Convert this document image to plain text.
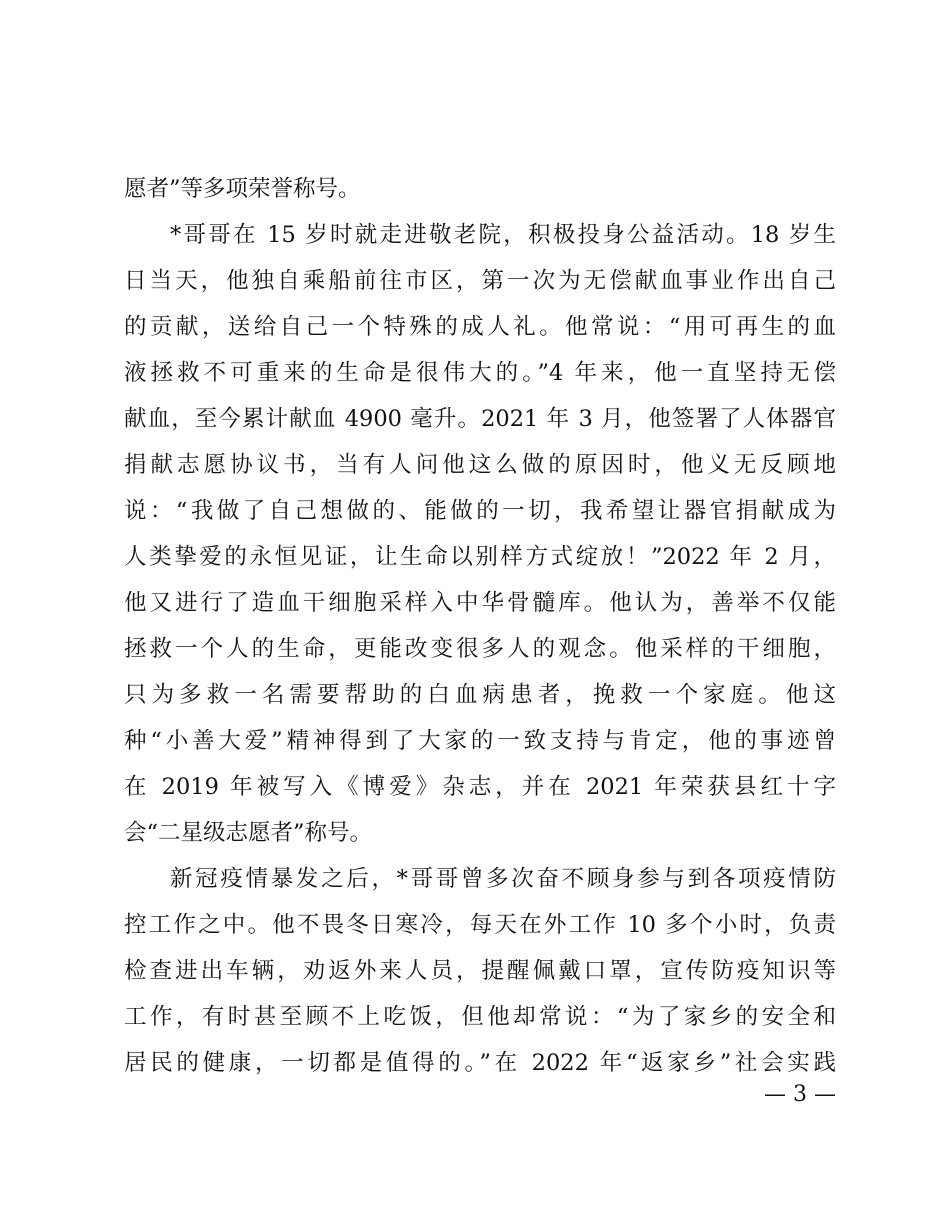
愿者”等多项荣誉称号。
*哥哥在 15 岁时就走进敬老院，积极投身公益活动。18 岁生
日当天，他独自乘船前往市区，第一次为无偿献血事业作出自己
的贡献，送给自己一个特殊的成人礼。他常说：“用可再生的血
液拯救不可重来的生命是很伟大的。”4 年来，他一直坚持无偿
献血，至今累计献血 4900 毫升。2021 年 3 月，他签署了人体器官
捐献志愿协议书，当有人问他这么做的原因时，他义无反顾地
说：“我做了自己想做的、能做的一切，我希望让器官捐献成为
人类挚爱的永恒见证，让生命以别样方式绽放！”2022 年 2 月，
他又进行了造血干细胞采样入中华骨髓库。他认为，善举不仅能
拯救一个人的生命，更能改变很多人的观念。他采样的干细胞，
只为多救一名需要帮助的白血病患者，挽救一个家庭。他这
种“小善大爱”精神得到了大家的一致支持与肯定，他的事迹曾
在 2019 年被写入《博爱》杂志，并在 2021 年荣获县红十字
会“二星级志愿者”称号。
新冠疫情暴发之后，*哥哥曾多次奋不顾身参与到各项疫情防
控工作之中。他不畏冬日寒冷，每天在外工作 10 多个小时，负责
检查进出车辆，劝返外来人员，提醒佩戴口罩，宣传防疫知识等
工作，有时甚至顾不上吃饭，但他却常说：“为了家乡的安全和
居民的健康，一切都是值得的。”在 2022 年“返家乡”社会实践
— 3 —
